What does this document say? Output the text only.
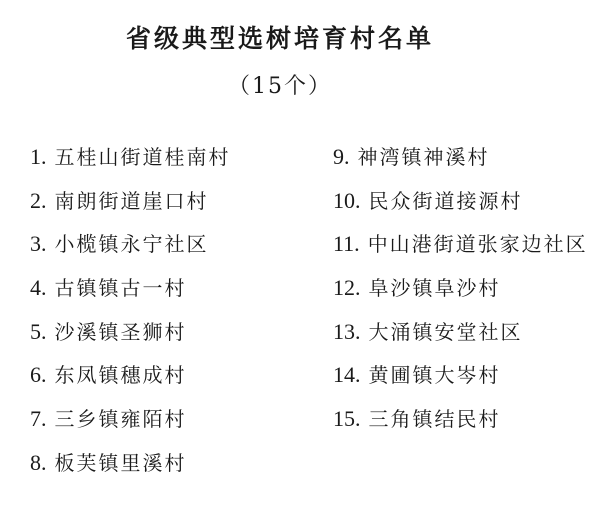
省级典型选树培育村名单
（15个）
1. 五桂山街道桂南村
2. 南朗街道崖口村
3. 小榄镇永宁社区
4. 古镇镇古一村
5. 沙溪镇圣狮村
6. 东凤镇穗成村
7. 三乡镇雍陌村
8. 板芙镇里溪村
9. 神湾镇神溪村
10. 民众街道接源村
11. 中山港街道张家边社区
12. 阜沙镇阜沙村
13. 大涌镇安堂社区
14. 黄圃镇大岑村
15. 三角镇结民村
